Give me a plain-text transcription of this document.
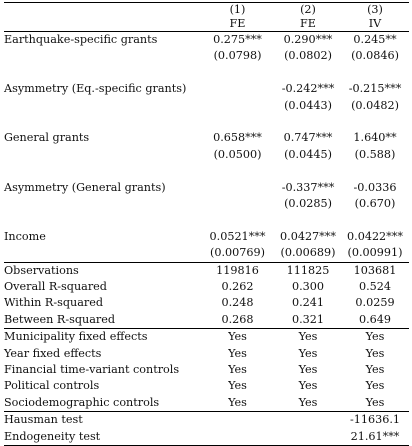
	(1)	(2)	(3)
	FE	FE	IV
Earthquake-specific grants	0.275***	0.290***	0.245**
	(0.0798)	(0.0802)	(0.0846)

Asymmetry (Eq.-specific grants)		-0.242***	-0.215***
		(0.0443)	(0.0482)

General grants	0.658***	0.747***	1.640**
	(0.0500)	(0.0445)	(0.588)

Asymmetry (General grants)		-0.337***	-0.0336
		(0.0285)	(0.670)

Income	0.0521***	0.0427***	0.0422***
	(0.00769)	(0.00689)	(0.00991)
Observations	119816	111825	103681
Overall R-squared	0.262	0.300	0.524
Within R-squared	0.248	0.241	0.0259
Between R-squared	0.268	0.321	0.649
Municipality fixed effects	Yes	Yes	Yes
Year fixed effects	Yes	Yes	Yes
Financial time-variant controls	Yes	Yes	Yes
Political controls	Yes	Yes	Yes
Sociodemographic controls	Yes	Yes	Yes
Hausman test			-11636.1
Endogeneity test			21.61***
